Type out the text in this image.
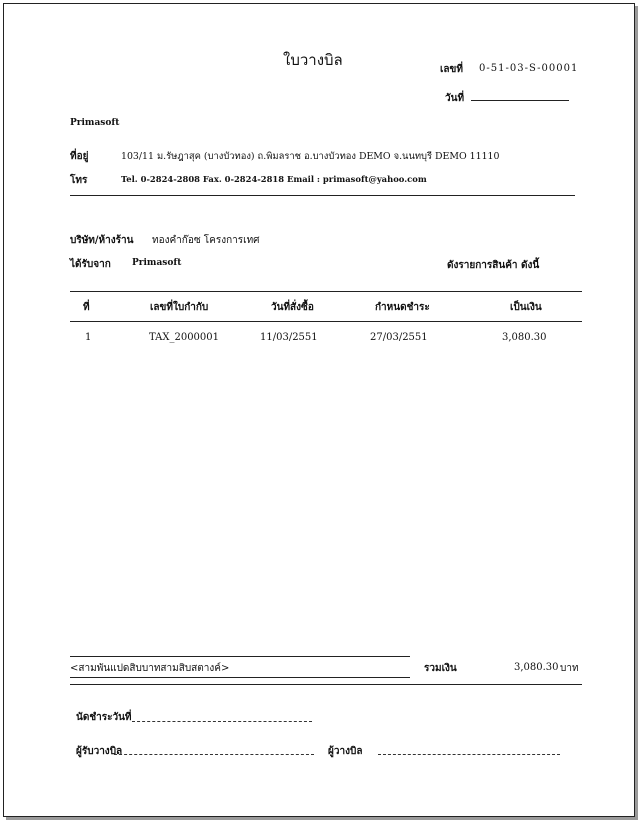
ใบวางบิล
เลขที่ 0-51-03-S-00001
วันที่
Primasoft
ที่อยู่	103/11 ม.รัษฎาสุค (บางบัวทอง) ถ.พิมลราช อ.บางบัวทอง DEMO จ.นนทบุรี DEMO 11110
โทร	Tel. 0-2824-2808 Fax. 0-2824-2818 Email : primasoft@yahoo.com
บริษัท/ห้างร้าน ทองคำก๊อซ โครงการเทศ
ได้รับจาก Primasoft	ดังรายการสินค้า ดังนี้
ที่	เลขที่ใบกำกับ	วันที่สั่งซื้อ	กำหนดชำระ	เป็นเงิน
1	TAX_2000001	11/03/2551	27/03/2551	3,080.30
<สามพันแปดสิบบาทสามสิบสตางค์>	รวมเงิน	3,080.30 บาท
นัดชำระวันที่
ผู้รับวางบิล	ผู้วางบิล
